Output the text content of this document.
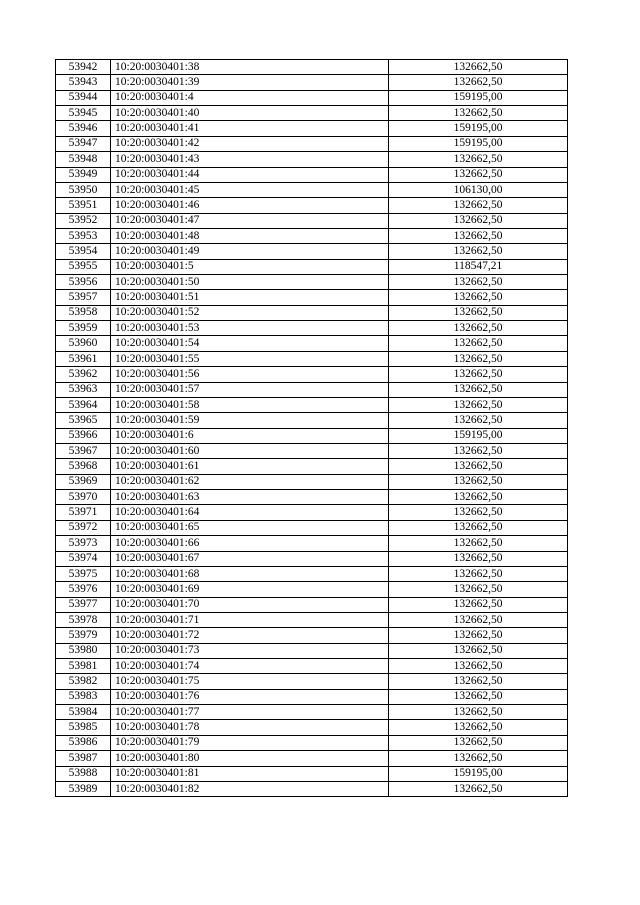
53942	10:20:0030401:38	132662,50
53943	10:20:0030401:39	132662,50
53944	10:20:0030401:4	159195,00
53945	10:20:0030401:40	132662,50
53946	10:20:0030401:41	159195,00
53947	10:20:0030401:42	159195,00
53948	10:20:0030401:43	132662,50
53949	10:20:0030401:44	132662,50
53950	10:20:0030401:45	106130,00
53951	10:20:0030401:46	132662,50
53952	10:20:0030401:47	132662,50
53953	10:20:0030401:48	132662,50
53954	10:20:0030401:49	132662,50
53955	10:20:0030401:5	118547,21
53956	10:20:0030401:50	132662,50
53957	10:20:0030401:51	132662,50
53958	10:20:0030401:52	132662,50
53959	10:20:0030401:53	132662,50
53960	10:20:0030401:54	132662,50
53961	10:20:0030401:55	132662,50
53962	10:20:0030401:56	132662,50
53963	10:20:0030401:57	132662,50
53964	10:20:0030401:58	132662,50
53965	10:20:0030401:59	132662,50
53966	10:20:0030401:6	159195,00
53967	10:20:0030401:60	132662,50
53968	10:20:0030401:61	132662,50
53969	10:20:0030401:62	132662,50
53970	10:20:0030401:63	132662,50
53971	10:20:0030401:64	132662,50
53972	10:20:0030401:65	132662,50
53973	10:20:0030401:66	132662,50
53974	10:20:0030401:67	132662,50
53975	10:20:0030401:68	132662,50
53976	10:20:0030401:69	132662,50
53977	10:20:0030401:70	132662,50
53978	10:20:0030401:71	132662,50
53979	10:20:0030401:72	132662,50
53980	10:20:0030401:73	132662,50
53981	10:20:0030401:74	132662,50
53982	10:20:0030401:75	132662,50
53983	10:20:0030401:76	132662,50
53984	10:20:0030401:77	132662,50
53985	10:20:0030401:78	132662,50
53986	10:20:0030401:79	132662,50
53987	10:20:0030401:80	132662,50
53988	10:20:0030401:81	159195,00
53989	10:20:0030401:82	132662,50
